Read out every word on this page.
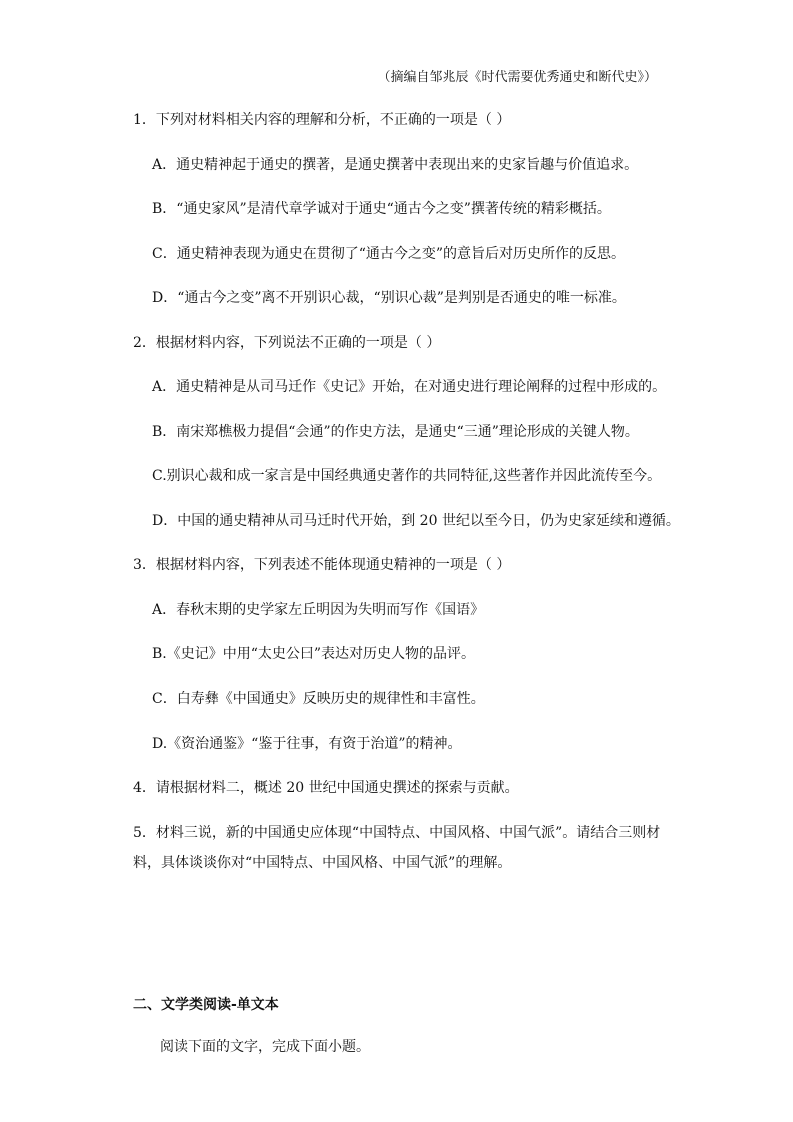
（摘编自邹兆辰《时代需要优秀通史和断代史》）
1．下列对材料相关内容的理解和分析，不正确的一项是（ ）
A．通史精神起于通史的撰著，是通史撰著中表现出来的史家旨趣与价值追求。
B．“通史家风”是清代章学诚对于通史“通古今之变”撰著传统的精彩概括。
C．通史精神表现为通史在贯彻了“通古今之变”的意旨后对历史所作的反思。
D．“通古今之变”离不开别识心裁，“别识心裁”是判别是否通史的唯一标准。
2．根据材料内容，下列说法不正确的一项是（ ）
A．通史精神是从司马迁作《史记》开始，在对通史进行理论阐释的过程中形成的。
B．南宋郑樵极力提倡“会通”的作史方法，是通史“三通”理论形成的关键人物。
C.别识心裁和成一家言是中国经典通史著作的共同特征,这些著作并因此流传至今。
D．中国的通史精神从司马迁时代开始，到 20 世纪以至今日，仍为史家延续和遵循。
3．根据材料内容，下列表述不能体现通史精神的一项是（ ）
A．春秋末期的史学家左丘明因为失明而写作《国语》
B.《史记》中用“太史公曰”表达对历史人物的品评。
C．白寿彝《中国通史》反映历史的规律性和丰富性。
D.《资治通鉴》“鉴于往事，有资于治道”的精神。
4．请根据材料二，概述 20 世纪中国通史撰述的探索与贡献。
5．材料三说，新的中国通史应体现“中国特点、中国风格、中国气派”。请结合三则材
料，具体谈谈你对“中国特点、中国风格、中国气派”的理解。
二、文学类阅读-单文本
阅读下面的文字，完成下面小题。
